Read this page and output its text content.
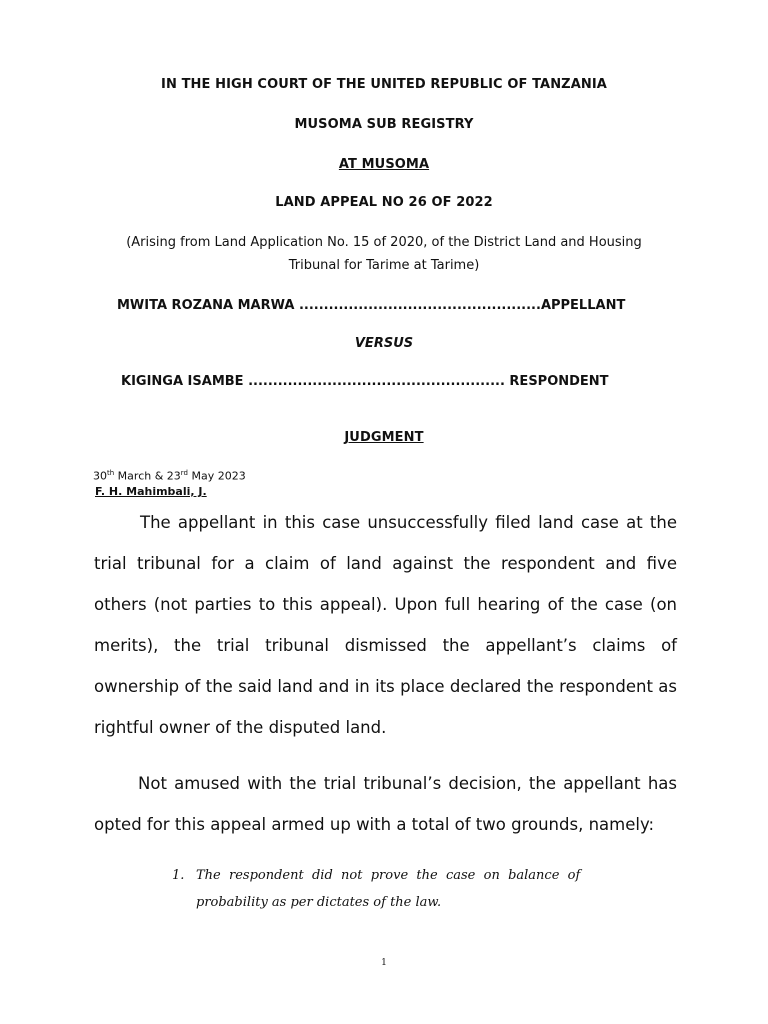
IN THE HIGH COURT OF THE UNITED REPUBLIC OF TANZANIA

MUSOMA SUB REGISTRY

AT MUSOMA

LAND APPEAL NO 26 OF 2022

(Arising from Land Application No. 15 of 2020, of the District Land and Housing
Tribunal for Tarime at Tarime)
MWITA ROZANA MARWA .................................................APPELLANT

VERSUS

KIGINGA ISAMBE .................................................... RESPONDENT

JUDGMENT

30th March & 23rd May 2023
F. H. Mahimbali, J.

The appellant in this case unsuccessfully filed land case at the trial tribunal for a claim of land against the respondent and five others (not parties to this appeal). Upon full hearing of the case (on merits), the trial tribunal dismissed the appellant’s claims of ownership of the said land and in its place declared the respondent as rightful owner of the disputed land.

Not amused with the trial tribunal’s decision, the appellant has opted for this appeal armed up with a total of two grounds, namely:

1. The  respondent  did  not  prove  the  case  on  balance  of
probability as per dictates of the law.

1
